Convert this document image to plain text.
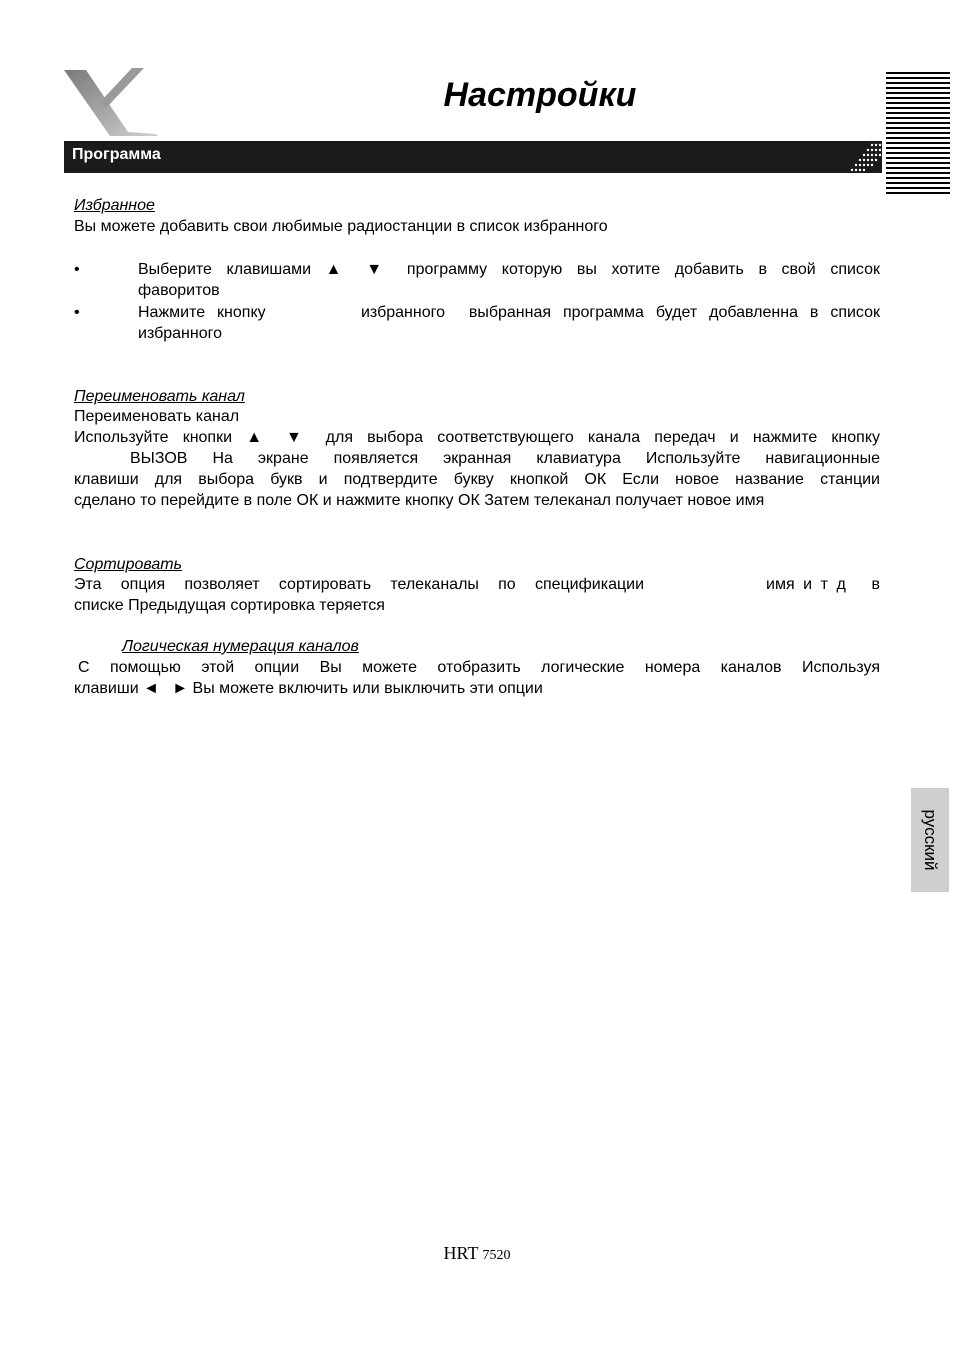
Настройки
Программа
Избранное
Вы можете добавить свои любимые радиостанции в список избранного
•	Выберите клавишами ▲ ▼ программу которую вы хотите добавить в свой список
фаворитов
•	Нажмите кнопку        избранного  выбранная программа будет добавленна в список
избранного
Переименовать канал
Переименовать канал
Используйте кнопки ▲ ▼ для выбора соответствующего канала передач и нажмите кнопку
ВЫЗОВ На экране появляется экранная клавиатура Используйте навигационные
клавиши для выбора букв и подтвердите букву кнопкой ОК Если новое название станции
сделано то перейдите в поле ОК и нажмите кнопку ОК Затем телеканал получает новое имя
Сортировать
Эта опция позволяет сортировать телеканалы по спецификации	имя и т д   в
списке Предыдущая сортировка теряется
Логическая нумерация каналов
С помощью этой опции Вы можете отобразить логические номера каналов Используя
клавиши ◄   ► Вы можете включить или выключить эти опции
русский
HRT 7520
